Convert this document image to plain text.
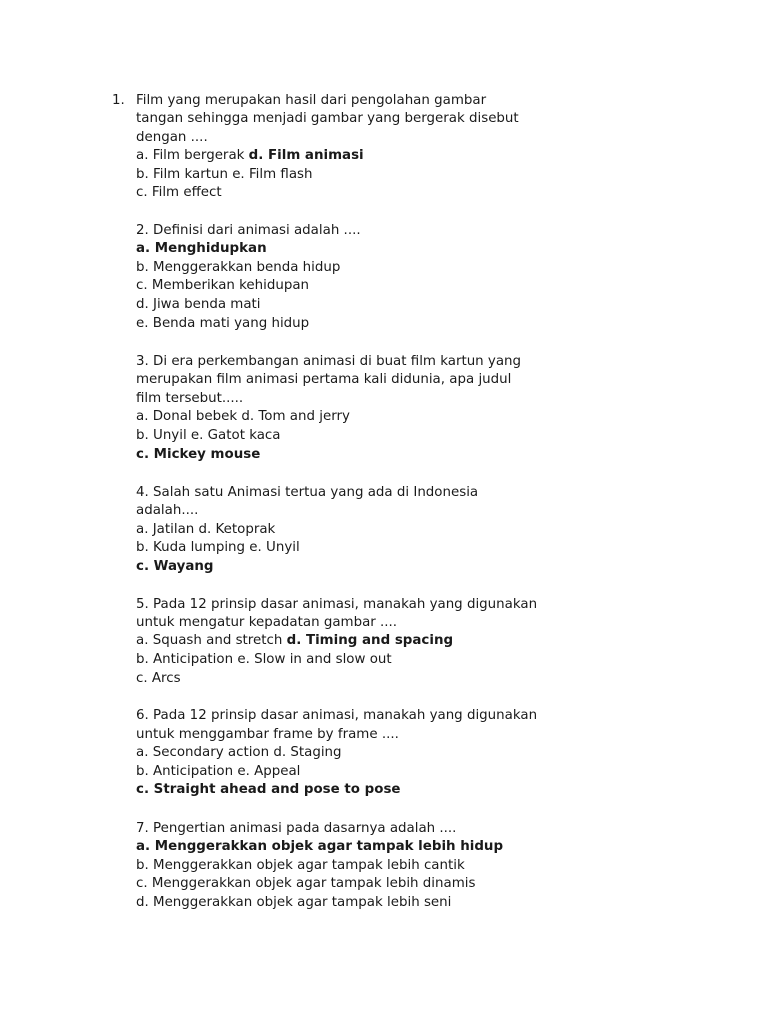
1. Film yang merupakan hasil dari pengolahan gambar
tangan sehingga menjadi gambar yang bergerak disebut
dengan ....
a. Film bergerak d. Film animasi
b. Film kartun e. Film flash
c. Film effect
2. Definisi dari animasi adalah ....
a. Menghidupkan
b. Menggerakkan benda hidup
c. Memberikan kehidupan
d. Jiwa benda mati
e. Benda mati yang hidup
3. Di era perkembangan animasi di buat film kartun yang
merupakan film animasi pertama kali didunia, apa judul
film tersebut.....
a. Donal bebek d. Tom and jerry
b. Unyil e. Gatot kaca
c. Mickey mouse
4. Salah satu Animasi tertua yang ada di Indonesia
adalah....
a. Jatilan d. Ketoprak
b. Kuda lumping e. Unyil
c. Wayang
5. Pada 12 prinsip dasar animasi, manakah yang digunakan
untuk mengatur kepadatan gambar ....
a. Squash and stretch d. Timing and spacing
b. Anticipation e. Slow in and slow out
c. Arcs
6. Pada 12 prinsip dasar animasi, manakah yang digunakan
untuk menggambar frame by frame ....
a. Secondary action d. Staging
b. Anticipation e. Appeal
c. Straight ahead and pose to pose
7. Pengertian animasi pada dasarnya adalah ....
a. Menggerakkan objek agar tampak lebih hidup
b. Menggerakkan objek agar tampak lebih cantik
c. Menggerakkan objek agar tampak lebih dinamis
d. Menggerakkan objek agar tampak lebih seni
